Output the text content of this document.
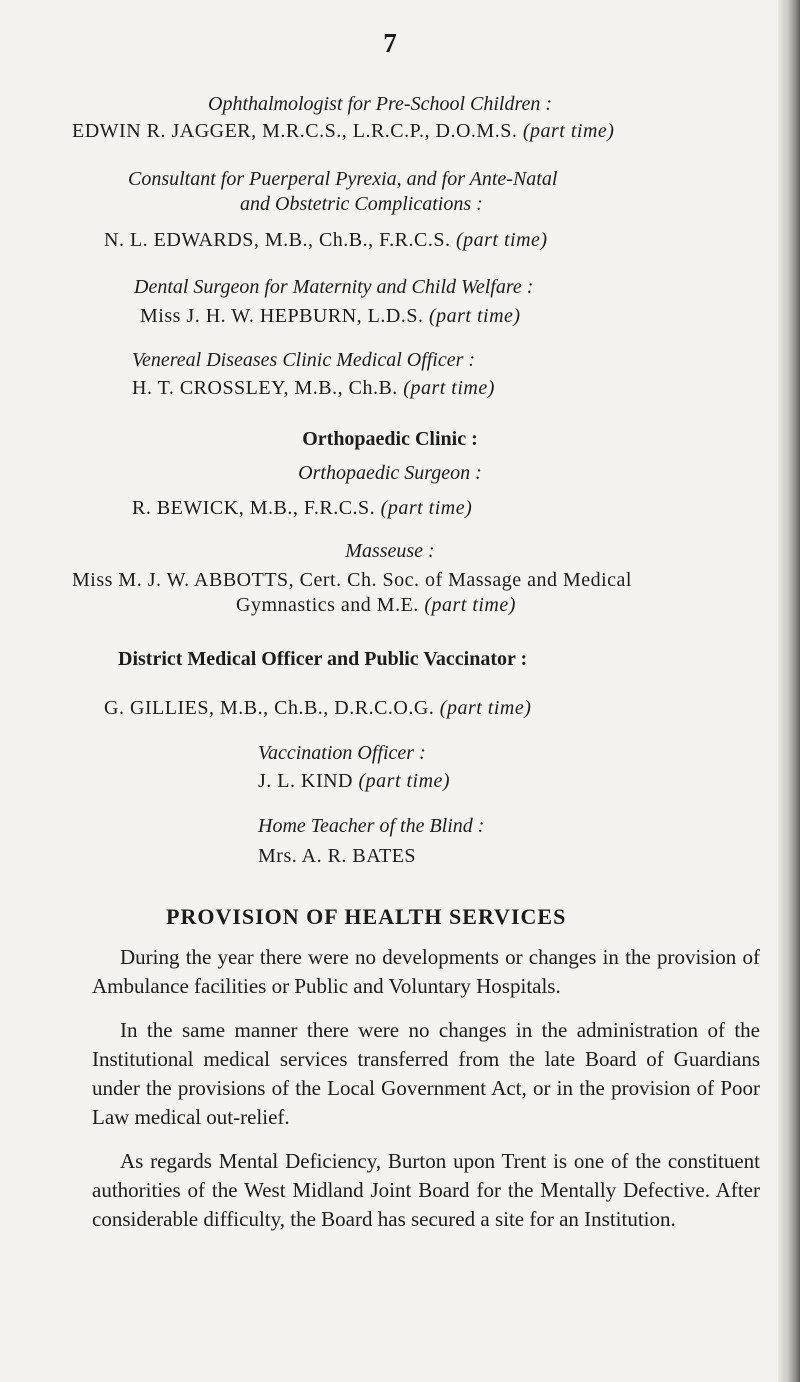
7
Ophthalmologist for Pre-School Children :
EDWIN R. JAGGER, M.R.C.S., L.R.C.P., D.O.M.S. (part time)
Consultant for Puerperal Pyrexia, and for Ante-Natal
and Obstetric Complications :
N. L. EDWARDS, M.B., Ch.B., F.R.C.S. (part time)
Dental Surgeon for Maternity and Child Welfare :
Miss J. H. W. HEPBURN, L.D.S. (part time)
Venereal Diseases Clinic Medical Officer :
H. T. CROSSLEY, M.B., Ch.B. (part time)
Orthopaedic Clinic :
Orthopaedic Surgeon :
R. BEWICK, M.B., F.R.C.S. (part time)
Masseuse :
Miss M. J. W. ABBOTTS, Cert. Ch. Soc. of Massage and Medical
Gymnastics and M.E. (part time)
District Medical Officer and Public Vaccinator :
G. GILLIES, M.B., Ch.B., D.R.C.O.G. (part time)
Vaccination Officer :
J. L. KIND (part time)
Home Teacher of the Blind :
Mrs. A. R. BATES
PROVISION OF HEALTH SERVICES

During the year there were no developments or changes in the provision of Ambulance facilities or Public and Voluntary Hospitals.

In the same manner there were no changes in the administration of the Institutional medical services transferred from the late Board of Guardians under the provisions of the Local Government Act, or in the provision of Poor Law medical out-relief.

As regards Mental Deficiency, Burton upon Trent is one of the constituent authorities of the West Midland Joint Board for the Mentally Defective. After considerable difficulty, the Board has secured a site for an Institution.
